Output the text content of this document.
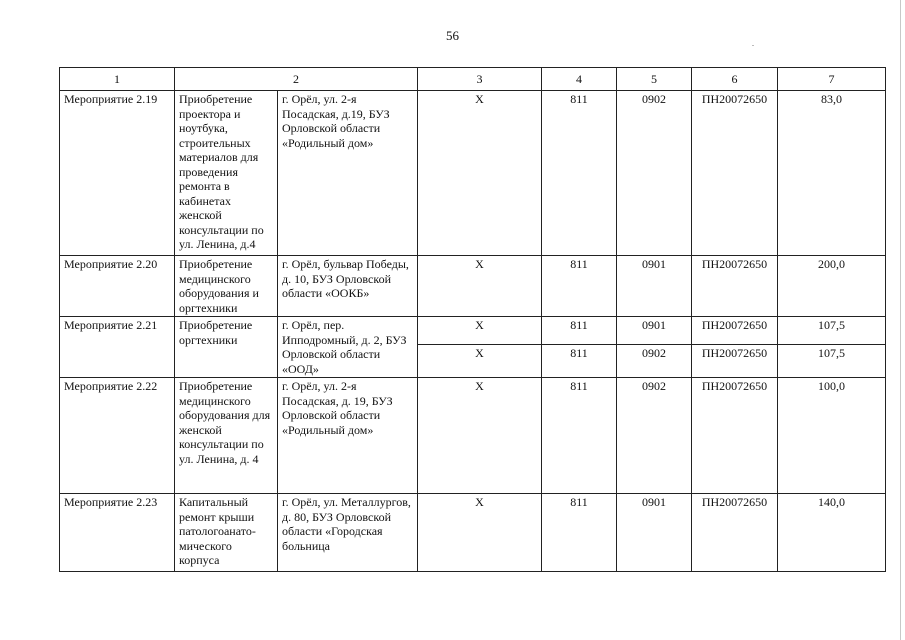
56
1	2		3	4	5	6	7
Мероприятие 2.19	Приобретение проектора и ноутбука, строительных материалов для проведения ремонта в кабинетах женской консультации по ул. Ленина, д.4	г. Орёл, ул. 2-я Посадская, д.19, БУЗ Орловской области «Родильный дом»	X	811	0902	ПН20072650	83,0
Мероприятие 2.20	Приобретение медицинского оборудования и оргтехники	г. Орёл, бульвар Победы, д. 10, БУЗ Орловской области «ООКБ»	X	811	0901	ПН20072650	200,0
Мероприятие 2.21	Приобретение оргтехники	г. Орёл, пер. Ипподромный, д. 2, БУЗ Орловской области «ООД»	X	811	0901	ПН20072650	107,5
			X	811	0902	ПН20072650	107,5
Мероприятие 2.22	Приобретение медицинского оборудования для женской консультации по ул. Ленина, д. 4	г. Орёл, ул. 2-я Посадская, д. 19, БУЗ Орловской области «Родильный дом»	X	811	0902	ПН20072650	100,0
Мероприятие 2.23	Капитальный ремонт крыши патологоанато-мического корпуса	г. Орёл, ул. Металлургов, д. 80, БУЗ Орловской области «Городская больница	X	811	0901	ПН20072650	140,0
